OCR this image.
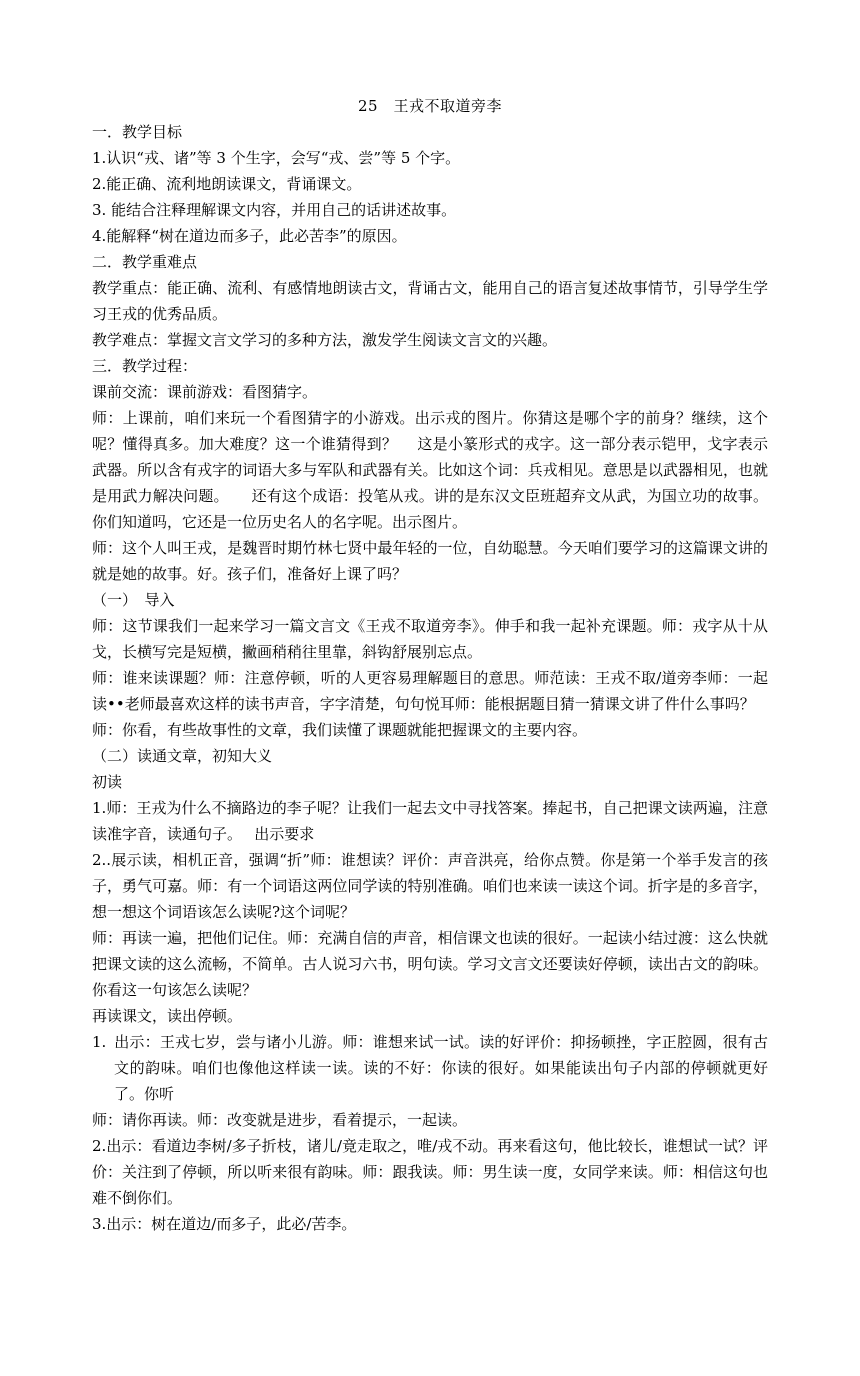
25　王戎不取道旁李

一．教学目标

1.认识“戎、诸”等 3 个生字，会写“戎、尝”等 5 个字。

2.能正确、流利地朗读课文，背诵课文。

3. 能结合注释理解课文内容，并用自己的话讲述故事。

4.能解释“树在道边而多子，此必苦李”的原因。

二．教学重难点

教学重点：能正确、流利、有感情地朗读古文，背诵古文，能用自己的语言复述故事情节，引导学生学习王戎的优秀品质。

教学难点：掌握文言文学习的多种方法，激发学生阅读文言文的兴趣。

三．教学过程：

课前交流：课前游戏：看图猜字。

师：上课前，咱们来玩一个看图猜字的小游戏。出示戎的图片。你猜这是哪个字的前身？继续，这个呢？懂得真多。加大难度？这一个谁猜得到？　 这是小篆形式的戎字。这一部分表示铠甲，戈字表示武器。所以含有戎字的词语大多与军队和武器有关。比如这个词：兵戎相见。意思是以武器相见，也就是用武力解决问题。　　还有这个成语：投笔从戎。讲的是东汉文臣班超弃文从武，为国立功的故事。你们知道吗，它还是一位历史名人的名字呢。出示图片。

师：这个人叫王戎，是魏晋时期竹林七贤中最年轻的一位，自幼聪慧。今天咱们要学习的这篇课文讲的就是她的故事。好。孩子们，准备好上课了吗？

（一）　导入

师：这节课我们一起来学习一篇文言文《王戎不取道旁李》。伸手和我一起补充课题。师：戎字从十从戈，长横写完是短横，撇画稍稍往里靠，斜钩舒展别忘点。

师：谁来读课题？师：注意停顿，听的人更容易理解题目的意思。师范读：王戎不取/道旁李师：一起读••老师最喜欢这样的读书声音，字字清楚，句句悦耳师：能根据题目猜一猜课文讲了件什么事吗？

师：你看，有些故事性的文章，我们读懂了课题就能把握课文的主要内容。

（二）读通文章，初知大义

初读

1.师：王戎为什么不摘路边的李子呢？让我们一起去文中寻找答案。捧起书，自己把课文读两遍，注意读准字音，读通句子。　 出示要求

2..展示读，相机正音，强调“折”师：谁想读？评价：声音洪亮，给你点赞。你是第一个举手发言的孩子，勇气可嘉。师：有一个词语这两位同学读的特别准确。咱们也来读一读这个词。折字是的多音字，想一想这个词语该怎么读呢?这个词呢？

师：再读一遍，把他们记住。师：充满自信的声音，相信课文也读的很好。一起读小结过渡：这么快就把课文读的这么流畅，不简单。古人说习六书，明句读。学习文言文还要读好停顿，读出古文的韵味。你看这一句该怎么读呢？

再读课文，读出停顿。

1. 出示：王戎七岁，尝与诸小儿游。师：谁想来试一试。读的好评价：抑扬顿挫，字正腔圆，很有古文的韵味。咱们也像他这样读一读。读的不好：你读的很好。如果能读出句子内部的停顿就更好了。你听

师：请你再读。师：改变就是进步，看着提示，一起读。

2.出示：看道边李树/多子折枝，诸儿/竟走取之，唯/戎不动。再来看这句，他比较长，谁想试一试？评价：关注到了停顿，所以听来很有韵味。师：跟我读。师：男生读一度，女同学来读。师：相信这句也难不倒你们。

3.出示：树在道边/而多子，此必/苦李。
